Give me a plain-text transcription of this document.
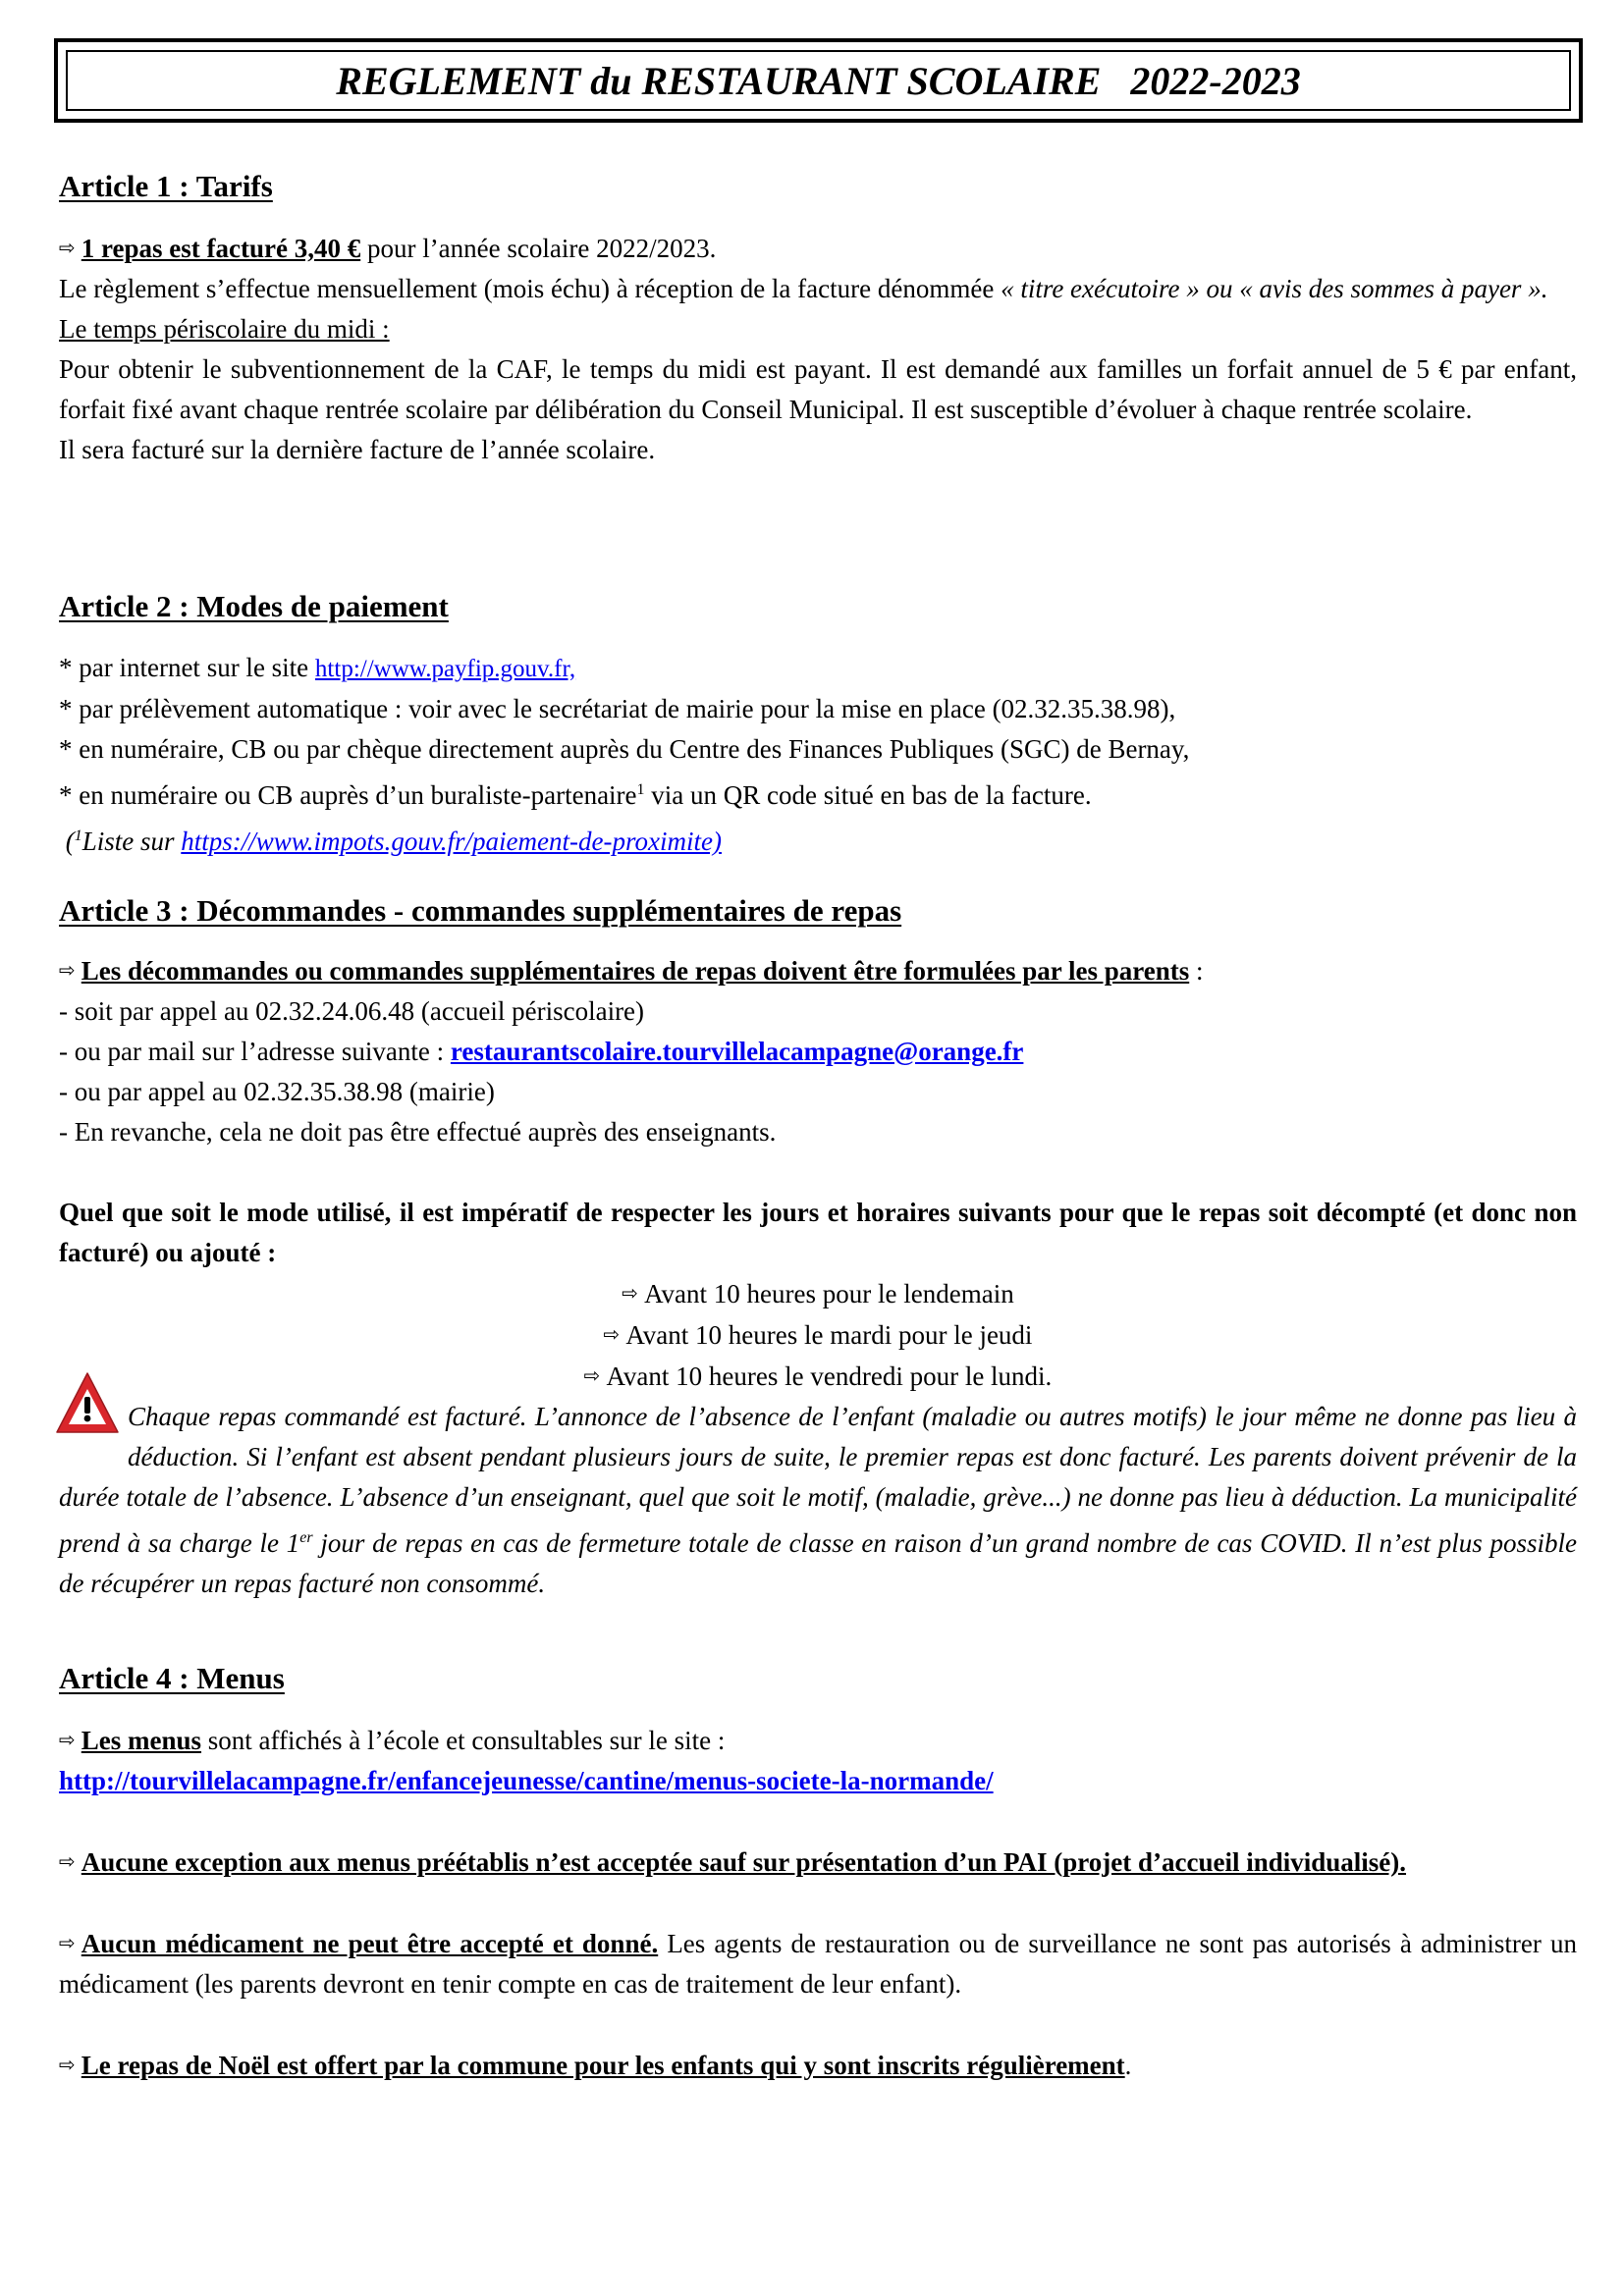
REGLEMENT du RESTAURANT SCOLAIRE   2022-2023
Article 1 : Tarifs

⇨ 1 repas est facturé 3,40 € pour l’année scolaire 2022/2023.

Le règlement s’effectue mensuellement (mois échu) à réception de la facture dénommée « titre exécutoire » ou « avis des sommes à payer ».

Le temps périscolaire du midi :

Pour obtenir le subventionnement de la CAF, le temps du midi est payant. Il est demandé aux familles un forfait annuel de 5 € par enfant, forfait fixé avant chaque rentrée scolaire par délibération du Conseil Municipal. Il est susceptible d’évoluer à chaque rentrée scolaire.

Il sera facturé sur la dernière facture de l’année scolaire.

Article 2 : Modes de paiement

* par internet sur le site http://www.payfip.gouv.fr,

* par prélèvement automatique : voir avec le secrétariat de mairie pour la mise en place (02.32.35.38.98),

* en numéraire, CB ou par chèque directement auprès du Centre des Finances Publiques (SGC) de Bernay,

* en numéraire ou CB auprès d’un buraliste-partenaire$^1$ via un QR code situé en bas de la facture.

($^1$Liste sur https://www.impots.gouv.fr/paiement-de-proximite)

Article 3 : Décommandes - commandes supplémentaires de repas

⇨ Les décommandes ou commandes supplémentaires de repas doivent être formulées par les parents :

- soit par appel au 02.32.24.06.48 (accueil périscolaire)

- ou par mail sur l’adresse suivante : restaurantscolaire.tourvillelacampagne@orange.fr

- ou par appel au 02.32.35.38.98 (mairie)

- En revanche, cela ne doit pas être effectué auprès des enseignants.

Quel que soit le mode utilisé, il est impératif de respecter les jours et horaires suivants pour que le repas soit décompté (et donc non facturé) ou ajouté :

⇨ Avant 10 heures pour le lendemain

⇨ Avant 10 heures le mardi pour le jeudi

⇨ Avant 10 heures le vendredi pour le lundi.

Chaque repas commandé est facturé. L’annonce de l’absence de l’enfant (maladie ou autres motifs) le jour même ne donne pas lieu à déduction. Si l’enfant est absent pendant plusieurs jours de suite, le premier repas est donc facturé. Les parents doivent prévenir de la durée totale de l’absence. L’absence d’un enseignant, quel que soit le motif, (maladie, grève...) ne donne pas lieu à déduction. La municipalité prend à sa charge le 1er jour de repas en cas de fermeture totale de classe en raison d’un grand nombre de cas COVID. Il n’est plus possible de récupérer un repas facturé non consommé.

Article 4 : Menus

⇨ Les menus sont affichés à l’école et consultables sur le site :

http://tourvillelacampagne.fr/enfancejeunesse/cantine/menus-societe-la-normande/

⇨ Aucune exception aux menus préétablis n’est acceptée sauf sur présentation d’un PAI (projet d’accueil individualisé).

⇨ Aucun médicament ne peut être accepté et donné. Les agents de restauration ou de surveillance ne sont pas autorisés à administrer un médicament (les parents devront en tenir compte en cas de traitement de leur enfant).

⇨ Le repas de Noël est offert par la commune pour les enfants qui y sont inscrits régulièrement.
